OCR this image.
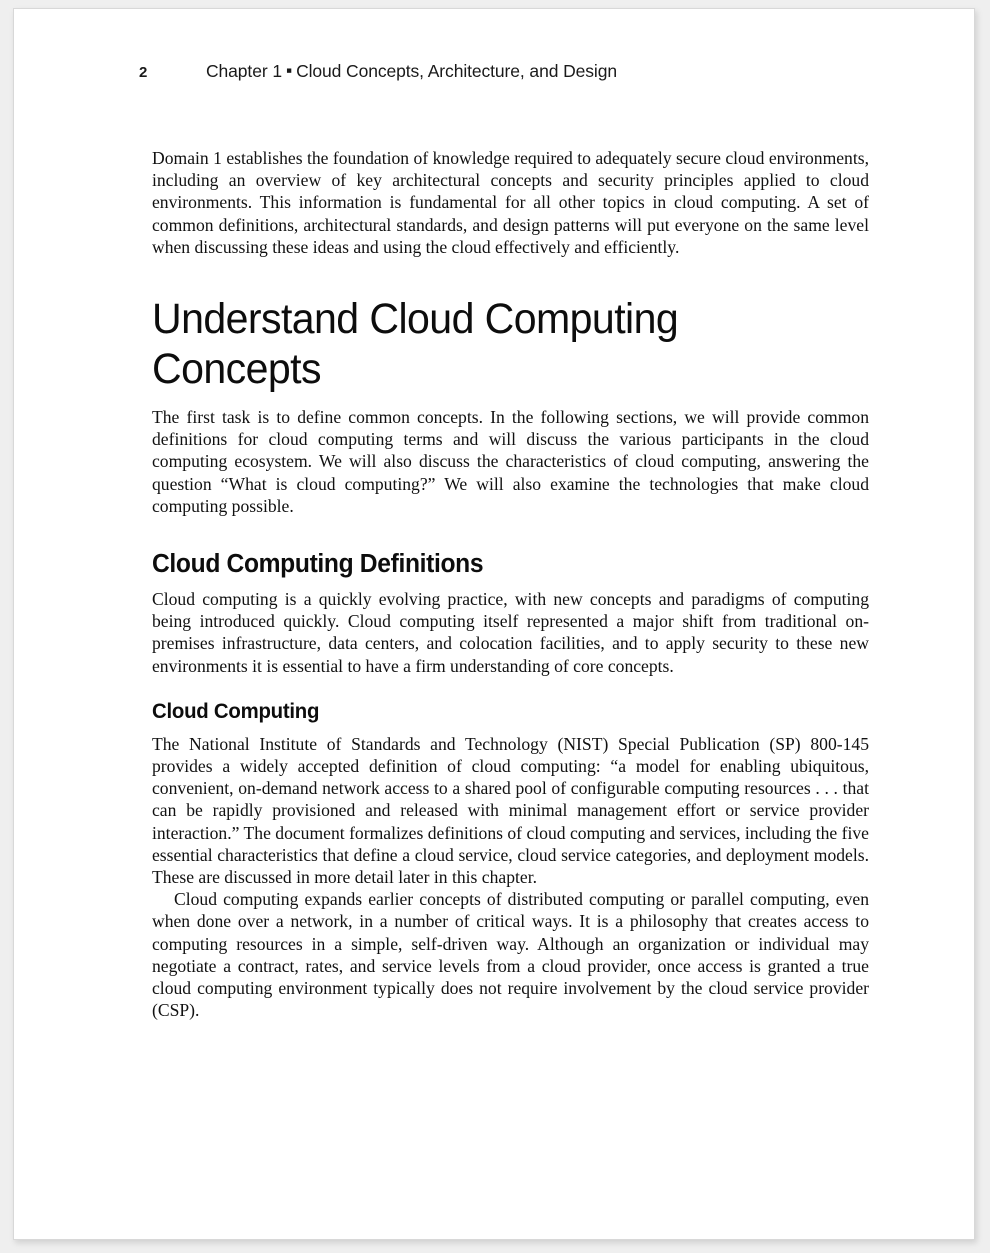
2	Chapter 1 ▪ Cloud Concepts, Architecture, and Design

Domain 1 establishes the foundation of knowledge required to adequately secure cloud environments, including an overview of key architectural concepts and security principles applied to cloud environments. This information is fundamental for all other topics in cloud computing. A set of common definitions, architectural standards, and design patterns will put everyone on the same level when discussing these ideas and using the cloud effectively and efficiently.

Understand Cloud Computing Concepts

The first task is to define common concepts. In the following sections, we will provide common definitions for cloud computing terms and will discuss the various participants in the cloud computing ecosystem. We will also discuss the characteristics of cloud computing, answering the question “What is cloud computing?” We will also examine the technologies that make cloud computing possible.

Cloud Computing Definitions

Cloud computing is a quickly evolving practice, with new concepts and paradigms of computing being introduced quickly. Cloud computing itself represented a major shift from traditional on-premises infrastructure, data centers, and colocation facilities, and to apply security to these new environments it is essential to have a firm understanding of core concepts.

Cloud Computing

The National Institute of Standards and Technology (NIST) Special Publication (SP) 800-145 provides a widely accepted definition of cloud computing: “a model for enabling ubiquitous, convenient, on-demand network access to a shared pool of configurable computing resources . . . that can be rapidly provisioned and released with minimal management effort or service provider interaction.” The document formalizes definitions of cloud computing and services, including the five essential characteristics that define a cloud service, cloud service categories, and deployment models. These are discussed in more detail later in this chapter.

Cloud computing expands earlier concepts of distributed computing or parallel computing, even when done over a network, in a number of critical ways. It is a philosophy that creates access to computing resources in a simple, self-driven way. Although an organization or individual may negotiate a contract, rates, and service levels from a cloud provider, once access is granted a true cloud computing environment typically does not require involvement by the cloud service provider (CSP).
